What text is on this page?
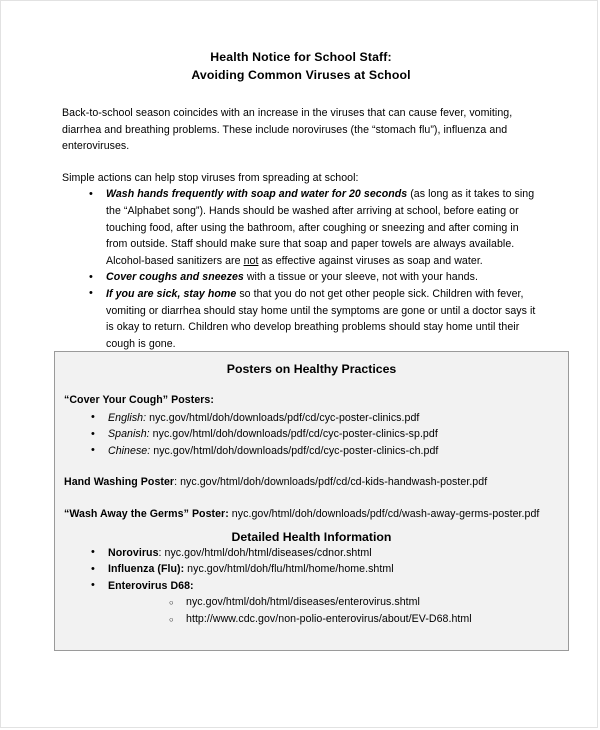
Health Notice for School Staff:
Avoiding Common Viruses at School

Back-to-school season coincides with an increase in the viruses that can cause fever, vomiting, diarrhea and breathing problems. These include noroviruses (the “stomach flu”), influenza and enteroviruses.

Simple actions can help stop viruses from spreading at school:

• Wash hands frequently with soap and water for 20 seconds (as long as it takes to sing the “Alphabet song”). Hands should be washed after arriving at school, before eating or touching food, after using the bathroom, after coughing or sneezing and after coming in from outside. Staff should make sure that soap and paper towels are always available. Alcohol-based sanitizers are not as effective against viruses as soap and water.
• Cover coughs and sneezes with a tissue or your sleeve, not with your hands.
• If you are sick, stay home so that you do not get other people sick. Children with fever, vomiting or diarrhea should stay home until the symptoms are gone or until a doctor says it is okay to return. Children who develop breathing problems should stay home until their cough is gone.
•
Posters on Healthy Practices

“Cover Your Cough” Posters:

• English: nyc.gov/html/doh/downloads/pdf/cd/cyc-poster-clinics.pdf
• Spanish: nyc.gov/html/doh/downloads/pdf/cd/cyc-poster-clinics-sp.pdf
• Chinese: nyc.gov/html/doh/downloads/pdf/cd/cyc-poster-clinics-ch.pdf

Hand Washing Poster: nyc.gov/html/doh/downloads/pdf/cd/cd-kids-handwash-poster.pdf

“Wash Away the Germs” Poster: nyc.gov/html/doh/downloads/pdf/cd/wash-away-germs-poster.pdf

Detailed Health Information
• Norovirus: nyc.gov/html/doh/html/diseases/cdnor.shtml
• Influenza (Flu): nyc.gov/html/doh/flu/html/home/home.shtml
• Enterovirus D68:
○ nyc.gov/html/doh/html/diseases/enterovirus.shtml
○ http://www.cdc.gov/non-polio-enterovirus/about/EV-D68.html
